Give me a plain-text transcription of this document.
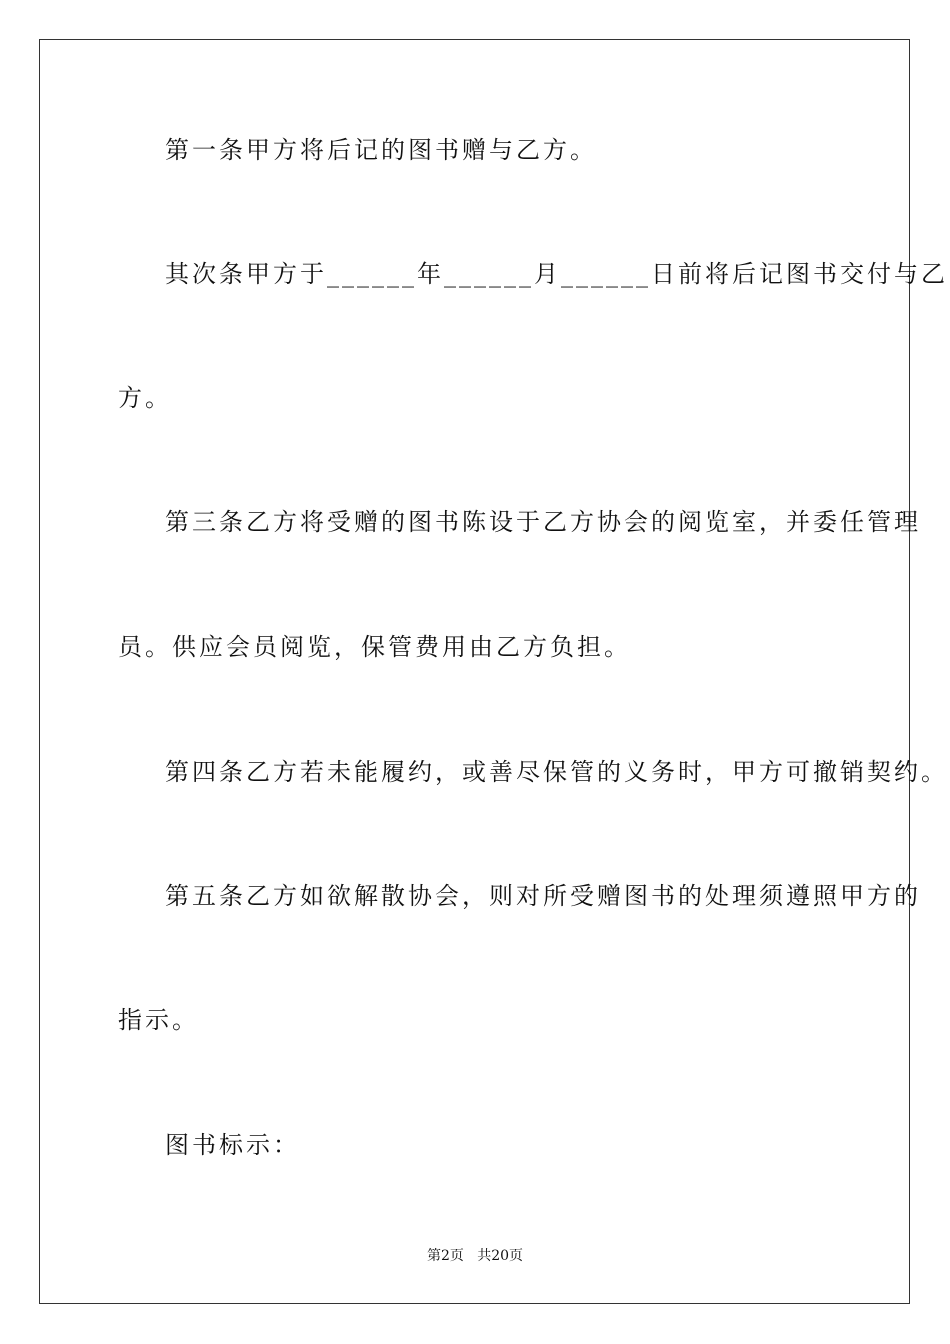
第一条甲方将后记的图书赠与乙方。

其次条甲方于______年______月______日前将后记图书交付与乙

方。

第三条乙方将受赠的图书陈设于乙方协会的阅览室，并委任管理

员。供应会员阅览，保管费用由乙方负担。

第四条乙方若未能履约，或善尽保管的义务时，甲方可撤销契约。

第五条乙方如欲解散协会，则对所受赠图书的处理须遵照甲方的

指示。

图书标示：

第2页   共20页
